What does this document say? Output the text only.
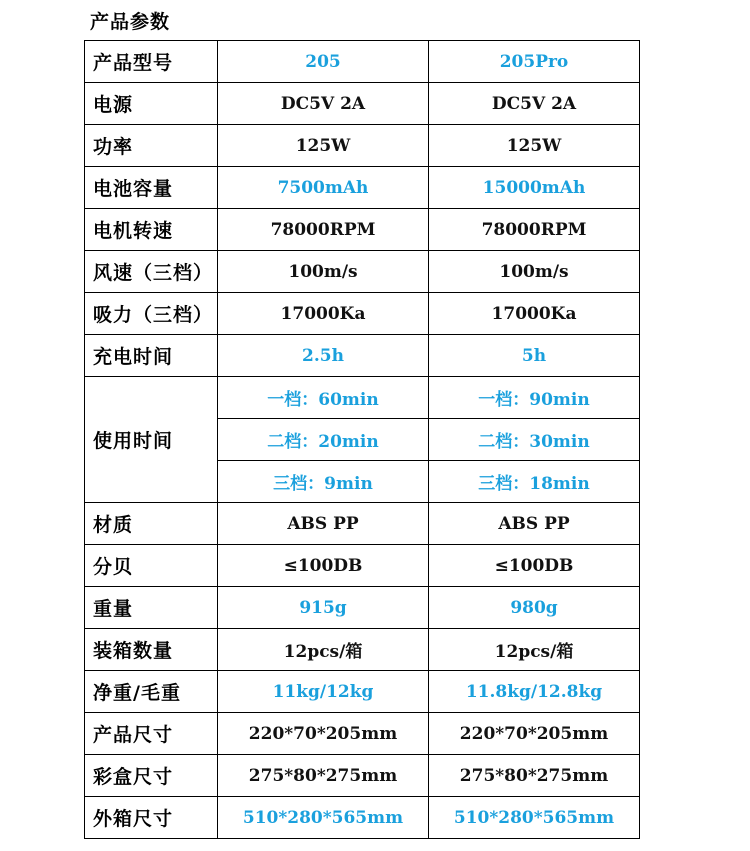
产品参数
产品型号	205	205Pro
电源	DC5V 2A	DC5V 2A
功率	125W	125W
电池容量	7500mAh	15000mAh
电机转速	78000RPM	78000RPM
风速（三档）	100m/s	100m/s
吸力（三档）	17000Ka	17000Ka
充电时间	2.5h	5h
使用时间	一档：60min	一档：90min
	二档：20min	二档：30min
	三档：9min	三档：18min
材质	ABS PP	ABS PP
分贝	≤100DB	≤100DB
重量	915g	980g
装箱数量	12pcs/箱	12pcs/箱
净重/毛重	11kg/12kg	11.8kg/12.8kg
产品尺寸	220*70*205mm	220*70*205mm
彩盒尺寸	275*80*275mm	275*80*275mm
外箱尺寸	510*280*565mm	510*280*565mm
